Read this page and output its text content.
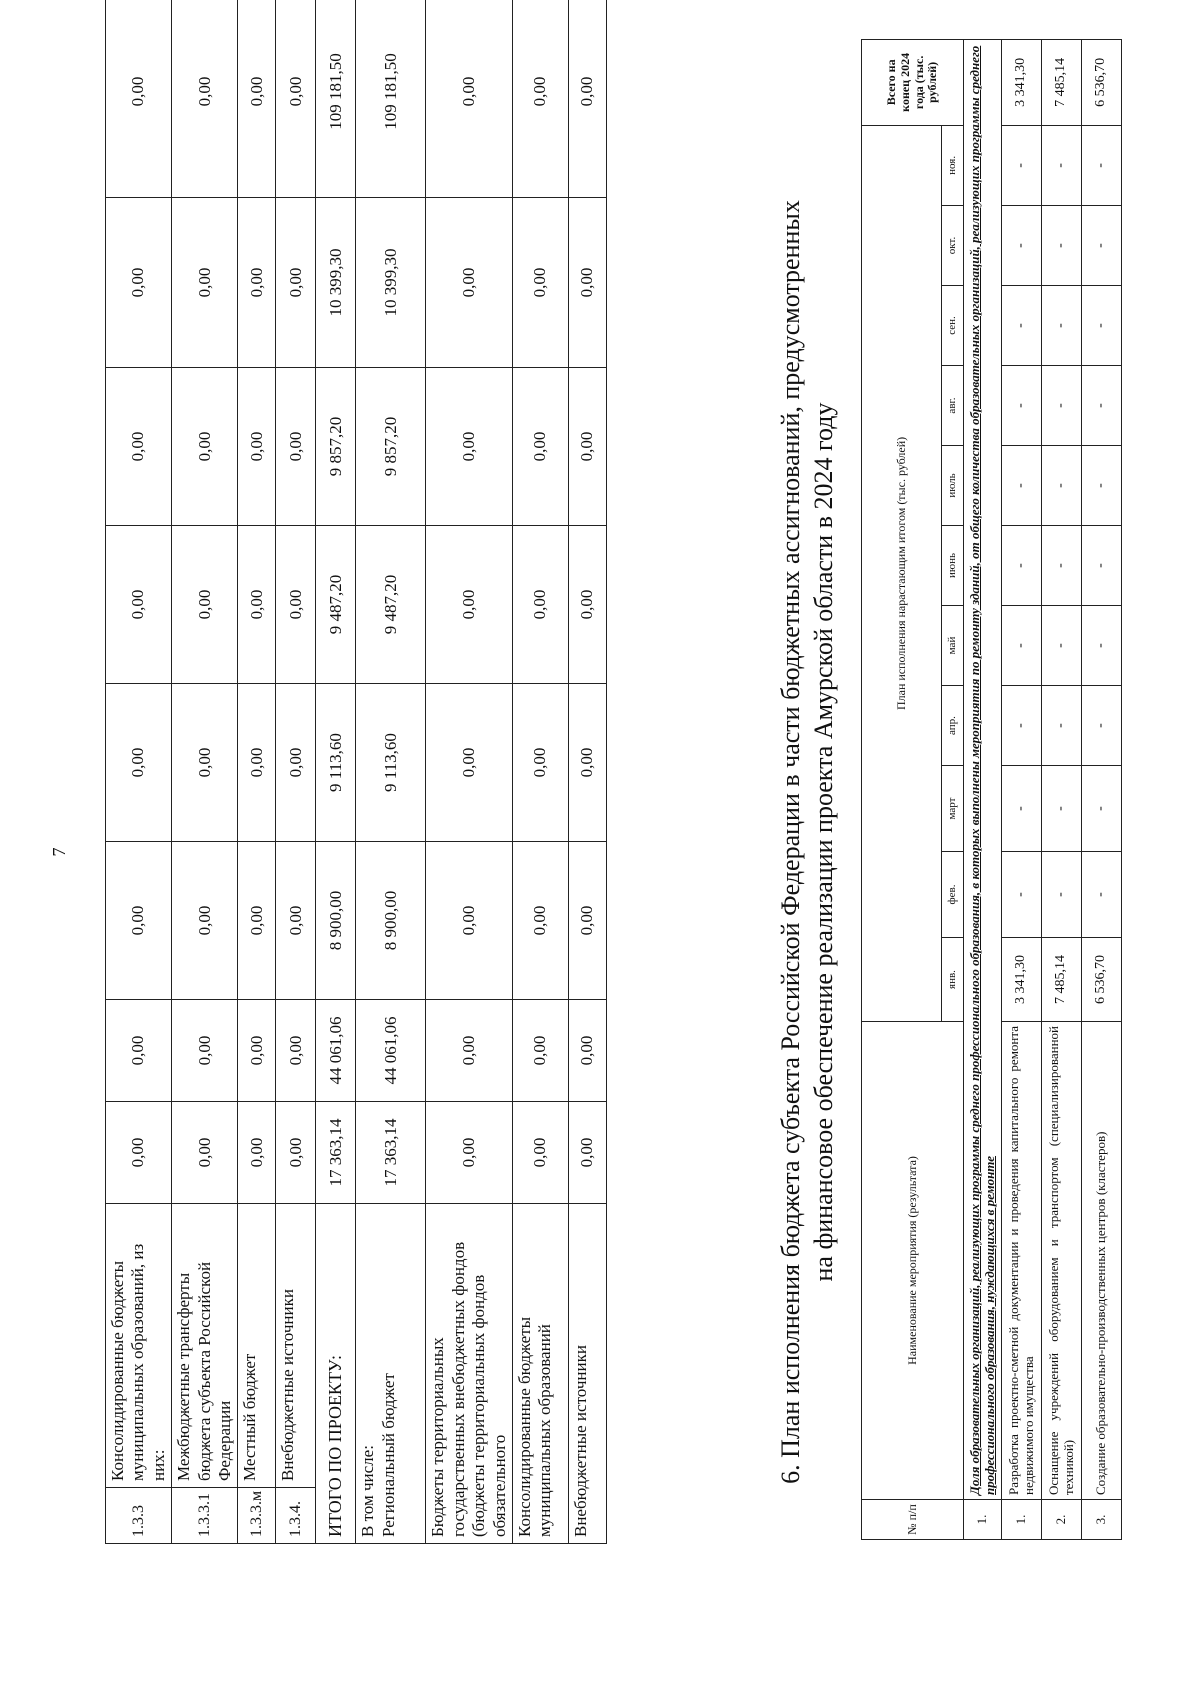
7
1.3.3	Консолидированные бюджеты муниципальных образований, из них:	0,00	0,00	0,00	0,00	0,00	0,00	0,00	0,00
1.3.3.1	Межбюджетные трансферты бюджета субъекта Российской Федерации	0,00	0,00	0,00	0,00	0,00	0,00	0,00	0,00
1.3.3.м	Местный бюджет	0,00	0,00	0,00	0,00	0,00	0,00	0,00	0,00
1.3.4.	Внебюджетные источники	0,00	0,00	0,00	0,00	0,00	0,00	0,00	0,00
ИТОГО ПО ПРОЕКТУ:		17 363,14	44 061,06	8 900,00	9 113,60	9 487,20	9 857,20	10 399,30	109 181,50

В том числе: Региональный бюджет		17 363,14	44 061,06	8 900,00	9 113,60	9 487,20	9 857,20	10 399,30	109 181,50
Бюджеты территориальных государственных внебюджетных фондов (бюджеты территориальных фондов обязательного		0,00	0,00	0,00	0,00	0,00	0,00	0,00	0,00
Консолидированные бюджеты муниципальных образований		0,00	0,00	0,00	0,00	0,00	0,00	0,00	0,00
Внебюджетные источники		0,00	0,00	0,00	0,00	0,00	0,00	0,00	0,00
6. План исполнения бюджета субъекта Российской Федерации в части бюджетных ассигнований, предусмотренных на финансовое обеспечение реализации проекта Амурской области в 2024 году
№ п/п	Наименование мероприятия (результата)	План исполнения нарастающим итогом (тыс. рублей)											Всего на конец 2024 года (тыс. рублей)
		янв.	фев.	март	апр.	май	июнь	июль	авг.	сен.	окт.	ноя.	
1.	Доля образовательных организаций, реализующих программы среднего профессионального образования, в которых выполнены мероприятия по ремонту зданий, от общего количества образовательных организаций, реализующих программы среднего профессионального образования, нуждающихся в ремонте												
1.	Разработка проектно-сметной документации и проведения капитального ремонта недвижимого имущества	3 341,30	-	-	-	-	-	-	-	-	-	-	3 341,30
2.	Оснащение учреждений оборудованием и транспортом (специализированной техникой)	7 485,14	-	-	-	-	-	-	-	-	-	-	7 485,14
3.	Создание образовательно-производственных центров (кластеров)	6 536,70	-	-	-	-	-	-	-	-	-	-	6 536,70
